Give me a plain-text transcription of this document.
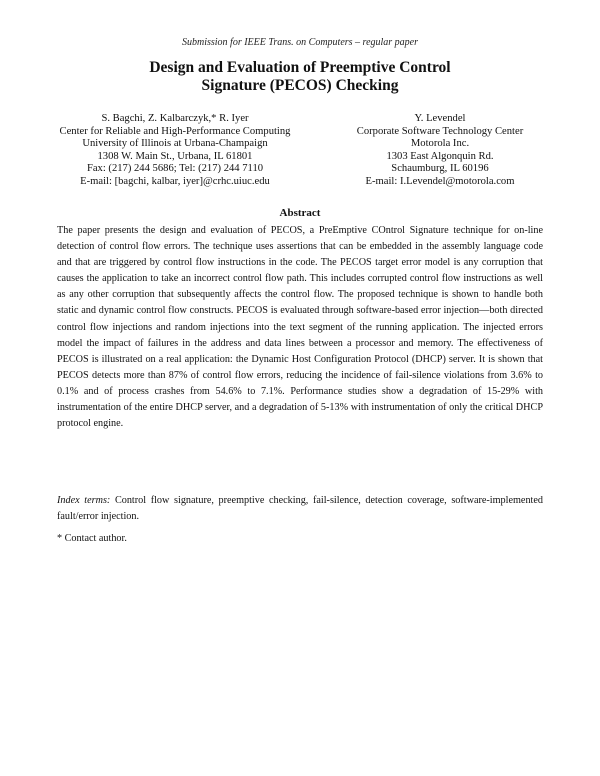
Submission for IEEE Trans. on Computers – regular paper
Design and Evaluation of Preemptive Control
Signature (PECOS) Checking
S. Bagchi, Z. Kalbarczyk,* R. Iyer
Center for Reliable and High-Performance Computing
University of Illinois at Urbana-Champaign
1308 W. Main St., Urbana, IL 61801
Fax: (217) 244 5686; Tel: (217) 244 7110
E-mail: [bagchi, kalbar, iyer]@crhc.uiuc.edu
Y. Levendel
Corporate Software Technology Center
Motorola Inc.
1303 East Algonquin Rd.
Schaumburg, IL 60196
E-mail: I.Levendel@motorola.com
Abstract

The paper presents the design and evaluation of PECOS, a PreEmptive COntrol Signature technique for on-line detection of control flow errors. The technique uses assertions that can be embedded in the assembly language code and that are triggered by control flow instructions in the code. The PECOS target error model is any corruption that causes the application to take an incorrect control flow path. This includes corrupted control flow instructions as well as any other corruption that subsequently affects the control flow. The proposed technique is shown to handle both static and dynamic control flow constructs. PECOS is evaluated through software-based error injection—both directed control flow injections and random injections into the text segment of the running application. The injected errors model the impact of failures in the address and data lines between a processor and memory. The effectiveness of PECOS is illustrated on a real application: the Dynamic Host Configuration Protocol (DHCP) server. It is shown that PECOS detects more than 87% of control flow errors, reducing the incidence of fail-silence violations from 3.6% to 0.1% and of process crashes from 54.6% to 7.1%. Performance studies show a degradation of 15-29% with instrumentation of the entire DHCP server, and a degradation of 5-13% with instrumentation of only the critical DHCP protocol engine.

Index terms: Control flow signature, preemptive checking, fail-silence, detection coverage, software-implemented fault/error injection.

* Contact author.
